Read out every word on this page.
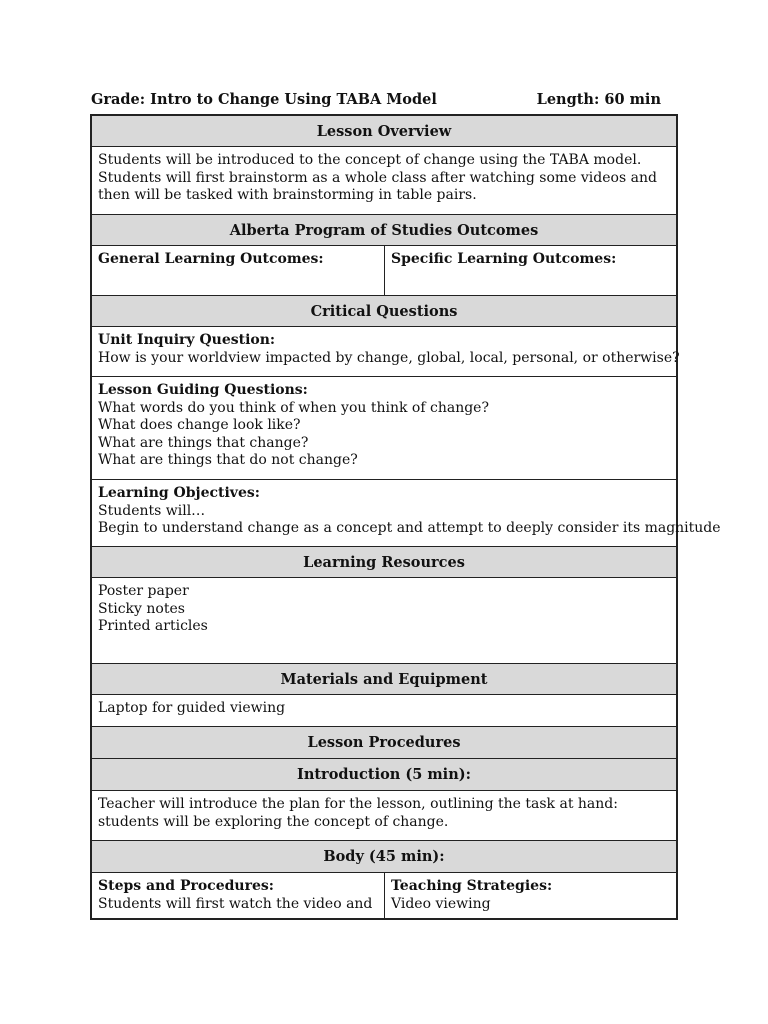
Grade: Intro to Change Using TABA Model	Length: 60 min
Lesson Overview
Students will be introduced to the concept of change using the TABA model. Students will first brainstorm as a whole class after watching some videos and then will be tasked with brainstorming in table pairs.
Alberta Program of Studies Outcomes
General Learning Outcomes:	Specific Learning Outcomes:
Critical Questions
Unit Inquiry Question:
How is your worldview impacted by change, global, local, personal, or otherwise?
Lesson Guiding Questions:
What words do you think of when you think of change?
What does change look like?
What are things that change?
What are things that do not change?
Learning Objectives:
Students will…
Begin to understand change as a concept and attempt to deeply consider its magnitude
Learning Resources
Poster paper
Sticky notes
Printed articles
Materials and Equipment
Laptop for guided viewing
Lesson Procedures
Introduction (5 min):
Teacher will introduce the plan for the lesson, outlining the task at hand: students will be exploring the concept of change.
Body (45 min):
Steps and Procedures:
Students will first watch the video and
Teaching Strategies:
Video viewing
